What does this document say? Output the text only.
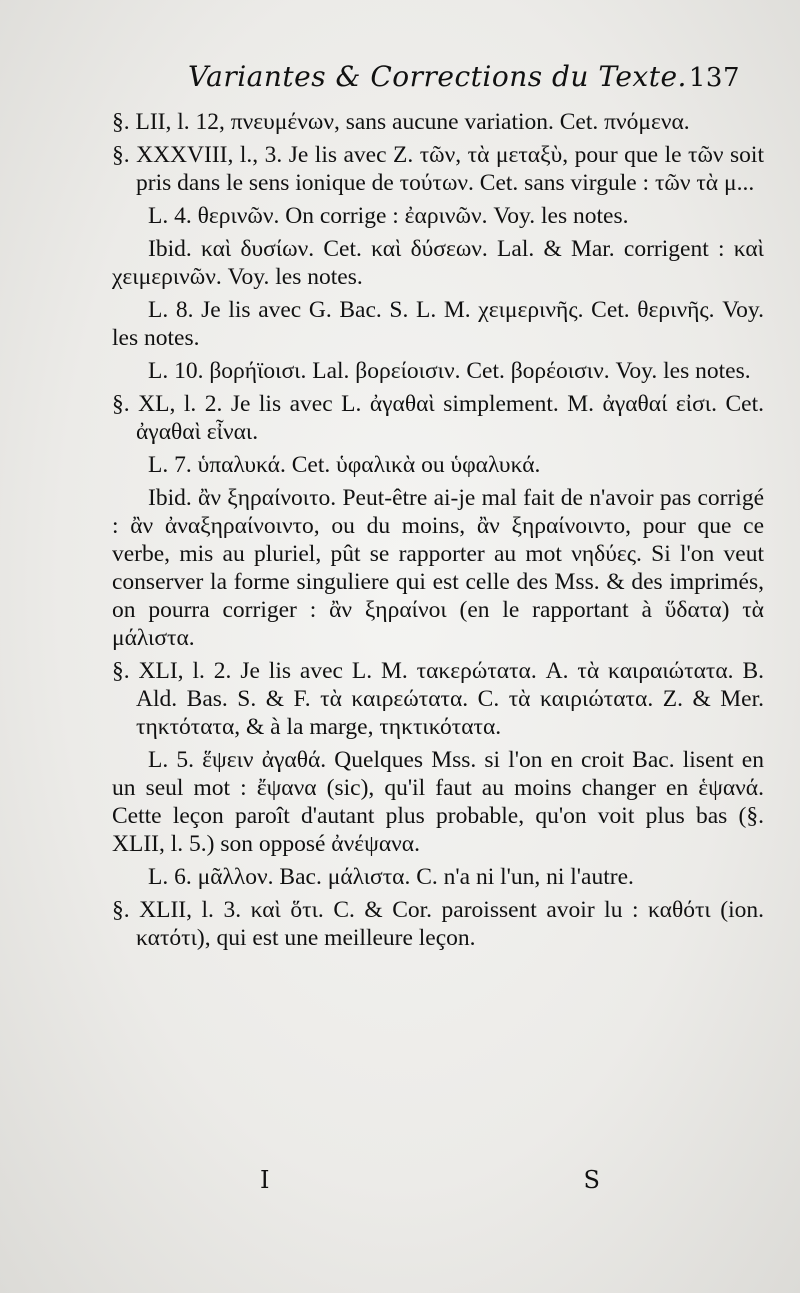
Variantes & Corrections du Texte. 137

§. LII, l. 12, πνευμένων, sans aucune variation. Cet. πνόμενα.

§. XXXVIII, l., 3. Je lis avec Z. τῶν, τὰ μεταξὺ, pour que le τῶν soit pris dans le sens ionique de τούτων. Cet. sans virgule : τῶν τὰ μ...

L. 4. θερινῶν. On corrige : ἐαρινῶν. Voy. les notes.

Ibid. καὶ δυσίων. Cet. καὶ δύσεων. Lal. & Mar. corrigent : καὶ χειμερινῶν. Voy. les notes.

L. 8. Je lis avec G. Bac. S. L. M. χειμερινῆς. Cet. θερινῆς. Voy. les notes.

L. 10. βορήϊοισι. Lal. βορείοισιν. Cet. βορέοισιν. Voy. les notes.

§. XL, l. 2. Je lis avec L. ἀγαθαὶ simplement. M. ἀγαθαί εἰσι. Cet. ἀγαθαὶ εἶναι.

L. 7. ὑπαλυκά. Cet. ὑφαλικὰ ou ὑφαλυκά.

Ibid. ἂν ξηραίνοιτο. Peut-être ai-je mal fait de n'avoir pas corrigé : ἂν ἀναξηραίνοιντο, ou du moins, ἂν ξηραίνοιντο, pour que ce verbe, mis au pluriel, pût se rapporter au mot νηδύες. Si l'on veut conserver la forme singuliere qui est celle des Mss. & des imprimés, on pourra corriger : ἂν ξηραίνοι (en le rapportant à ὕδατα) τὰ μάλιστα.

§. XLI, l. 2. Je lis avec L. M. τακερώτατα. A. τὰ καιραιώτατα. B. Ald. Bas. S. & F. τὰ καιρεώτατα. C. τὰ καιριώτατα. Z. & Mer. τηκτότατα, & à la marge, τηκτικότατα.

L. 5. ἕψειν ἀγαθά. Quelques Mss. si l'on en croit Bac. lisent en un seul mot : ἔψανα (sic), qu'il faut au moins changer en ἑψανά. Cette leçon paroît d'autant plus probable, qu'on voit plus bas (§. XLII, l. 5.) son opposé ἀνέψανα.

L. 6. μᾶλλον. Bac. μάλιστα. C. n'a ni l'un, ni l'autre.

§. XLII, l. 3. καὶ ὅτι. C. & Cor. paroissent avoir lu : καθότι (ion. κατότι), qui est une meilleure leçon.

I	S
